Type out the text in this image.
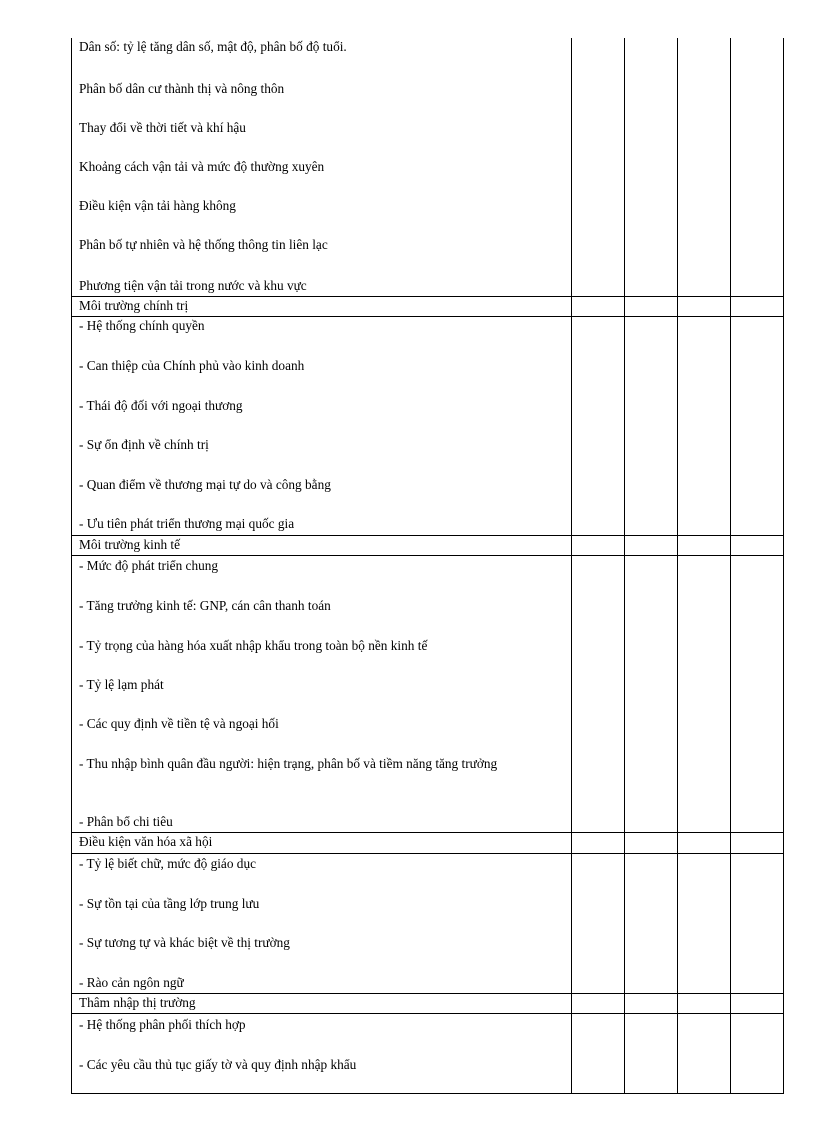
Dân số: tỷ lệ tăng dân số, mật độ, phân bố độ tuổi.
Phân bố dân cư thành thị và nông thôn
Thay đổi về thời tiết và khí hậu
Khoảng cách vận tải và mức độ thường xuyên
Điều kiện vận tải hàng không
Phân bố tự nhiên và hệ thống thông tin liên lạc
Phương tiện vận tải trong nước và khu vực
Môi trường chính trị
- Hệ thống chính quyền
- Can thiệp của Chính phủ vào kinh doanh
- Thái độ đối với ngoại thương
- Sự ổn định về chính trị
- Quan điểm về thương mại tự do và công bằng
- Ưu tiên phát triển thương mại quốc gia
Môi trường kinh tế
- Mức độ phát triển chung
- Tăng trưởng kinh tế: GNP, cán cân thanh toán
- Tỷ trọng của hàng hóa xuất nhập khẩu trong toàn bộ nền kinh tế
- Tỷ lệ lạm phát
- Các quy định về tiền tệ và ngoại hối
- Thu nhập bình quân đầu người: hiện trạng, phân bố và tiềm năng tăng trưởng
- Phân bổ chi tiêu
Điều kiện văn hóa xã hội
- Tỷ lệ biết chữ, mức độ giáo dục
- Sự tồn tại của tầng lớp trung lưu
- Sự tương tự và khác biệt về thị trường
- Rào cản ngôn ngữ
Thâm nhập thị trường
- Hệ thống phân phối thích hợp
- Các yêu cầu thủ tục giấy tờ và quy định nhập khẩu
